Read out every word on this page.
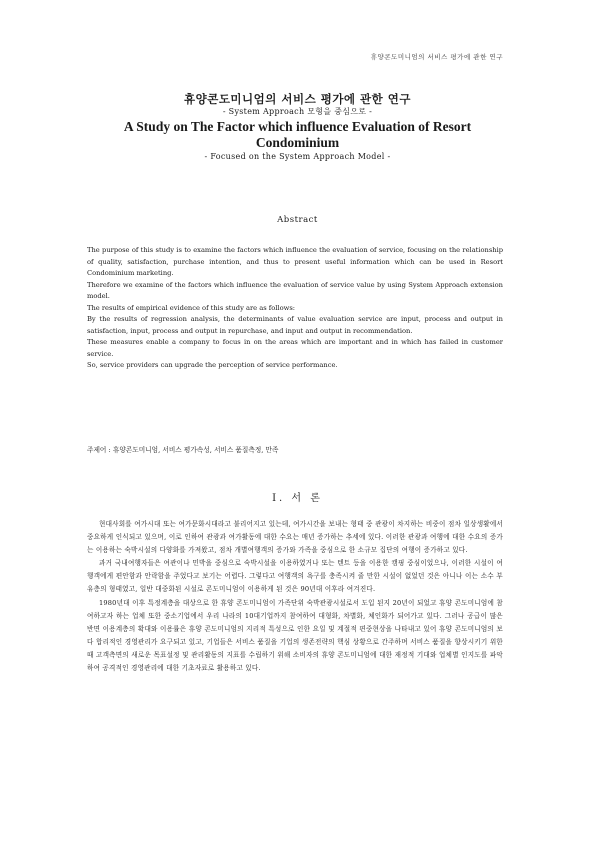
휴양콘도미니엄의 서비스 평가에 관한 연구
휴양콘도미니엄의 서비스 평가에 관한 연구
- System Approach 모형을 중심으로 -
A Study on The Factor which influence Evaluation of Resort
Condominium
- Focused on the System Approach Model -
Abstract

The purpose of this study is to examine the factors which influence the evaluation of service, focusing on the relationship of quality, satisfaction, purchase intention, and thus to present useful information which can be used in Resort Condominium marketing.

Therefore we examine of the factors which influence the evaluation of service value by using System Approach extension model.

The results of empirical evidence of this study are as follows:

By the results of regression analysis, the determinants of value evaluation service are input, process and output in satisfaction, input, process and output in repurchase, and input and output in recommendation.

These measures enable a company to focus in on the areas which are important and in which has failed in customer service.

So, service providers can upgrade the perception of service performance.

주제어 : 휴양콘도미니엄, 서비스 평가속성, 서비스 품질측정, 만족
I. 서 론

현대사회를 여가시대 또는 여가문화시대라고 불리어지고 있는데, 여가시간을 보내는 형태 중 관광이 차지하는 비중이 점차 일상생활에서 중요하게 인식되고 있으며, 이로 인하여 관광과 여가활동에 대한 수요는 매년 증가하는 추세에 있다. 이러한 관광과 여행에 대한 수요의 증가는 이용하는 숙박시설의 다양화를 가져왔고, 점차 개별여행객의 증가와 가족을 중심으로 한 소규모 집단의 여행이 증가하고 있다.

과거 국내여행자들은 여관이나 민박을 중심으로 숙박시설을 이용하였거나 또는 텐트 등을 이용한 캠핑 중심이었으나, 이러한 시설이 여행객에게 편안함과 안락함을 주었다고 보기는 어렵다. 그렇다고 여행객의 욕구를 충족시켜 줄 만한 시설이 없었던 것은 아니나 이는 소수 부유층의 형태였고, 일반 대중화된 시설로 콘도미니엄이 이용하게 된 것은 90년대 이후라 여겨진다.

1980년대 이후 특정계층을 대상으로 한 휴양 콘도미니엄이 가족단위 숙박관광시설로서 도입 된지 20년이 되었고 휴양 콘도미니엄에 참여하고자 하는 업체 또한 중소기업에서 우리 나라의 10대기업까지 참여하여 대형화, 차별화, 체인화가 되어가고 있다. 그러나 공급이 많은 반면 이용계층의 확대와 이용률은 휴양 콘도미니엄의 지리적 특성으로 인한 요일 및 계절적 편중현상을 나타내고 있어 휴양 콘도미니엄의 보다 합리적인 경영관리가 요구되고 있고, 기업들은 서비스 품질을 기업의 생존전략의 핵심 상황으로 간주하며 서비스 품질을 향상시키기 위한 때 고객측면의 새로운 목표설정 및 관리활동의 지표를 수립하기 위해 소비자의 휴양 콘도미니엄에 대한 재정적 기대와 업체별 인지도를 파악하여 공격적인 경영관리에 대한 기초자료로 활용하고 있다.
